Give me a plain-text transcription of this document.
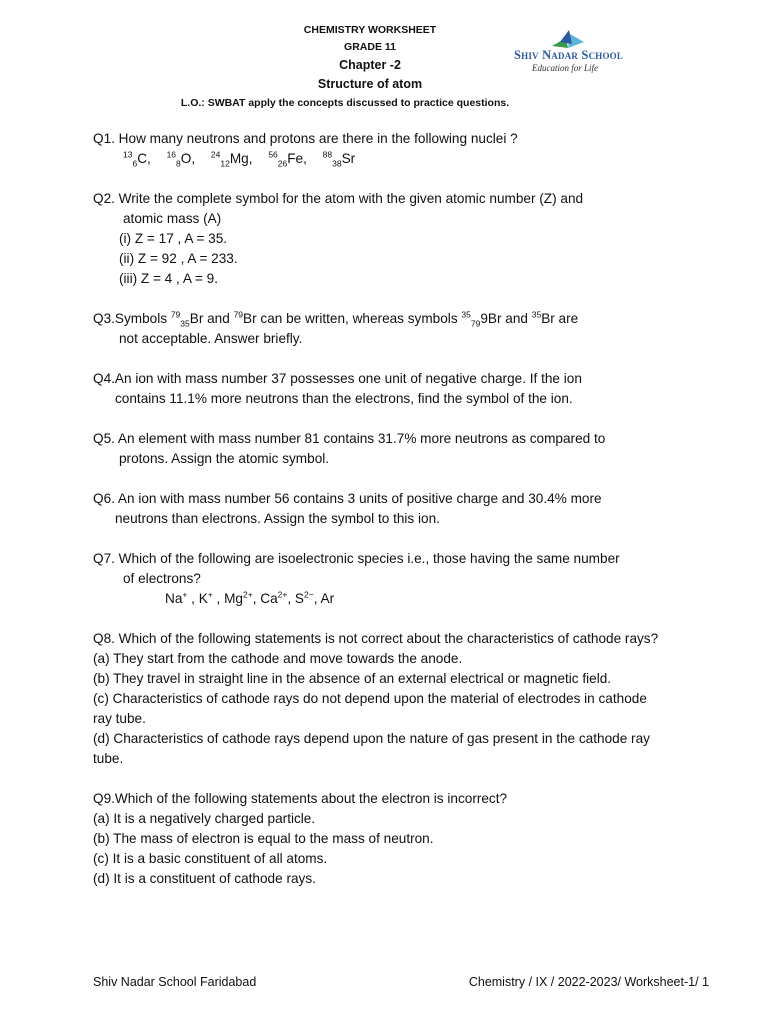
CHEMISTRY WORKSHEET
GRADE 11
Chapter -2
Structure of atom
L.O.: SWBAT apply the concepts discussed to practice questions.
Shiv Nadar School
Education for Life
Q1. How many neutrons and protons are there in the following nuclei ?
$^{13}_6$C, $^{16}_8$O, $^{24}_{12}$Mg, $^{56}_{26}$Fe, $^{88}_{38}$Sr
Q2. Write the complete symbol for the atom with the given atomic number (Z) and
atomic mass (A)
(i) Z = 17 , A = 35.
(ii) Z = 92 , A = 233.
(iii) Z = 4 , A = 9.
Q3.Symbols $^{79}_{35}$Br and $^{79}$Br can be written, whereas symbols $^{35}_{79}$9Br and $^{35}$Br are
not acceptable. Answer briefly.
Q4.An ion with mass number 37 possesses one unit of negative charge. If the ion
contains 11.1% more neutrons than the electrons, find the symbol of the ion.
Q5. An element with mass number 81 contains 31.7% more neutrons as compared to
protons. Assign the atomic symbol.
Q6. An ion with mass number 56 contains 3 units of positive charge and 30.4% more
neutrons than electrons. Assign the symbol to this ion.
Q7. Which of the following are isoelectronic species i.e., those having the same number
of electrons?
Na+ , K+ , $Mg^{2+}$, $Ca^{2+}$, $S^{2-}$, Ar
Q8. Which of the following statements is not correct about the characteristics of cathode rays?
(a) They start from the cathode and move towards the anode.
(b) They travel in straight line in the absence of an external electrical or magnetic field.
(c) Characteristics of cathode rays do not depend upon the material of electrodes in cathode
ray tube.
(d) Characteristics of cathode rays depend upon the nature of gas present in the cathode ray
tube.
Q9.Which of the following statements about the electron is incorrect?
(a) It is a negatively charged particle.
(b) The mass of electron is equal to the mass of neutron.
(c) It is a basic constituent of all atoms.
(d) It is a constituent of cathode rays.
Shiv Nadar School Faridabad	Chemistry / IX / 2022-2023/ Worksheet-1/ 1
